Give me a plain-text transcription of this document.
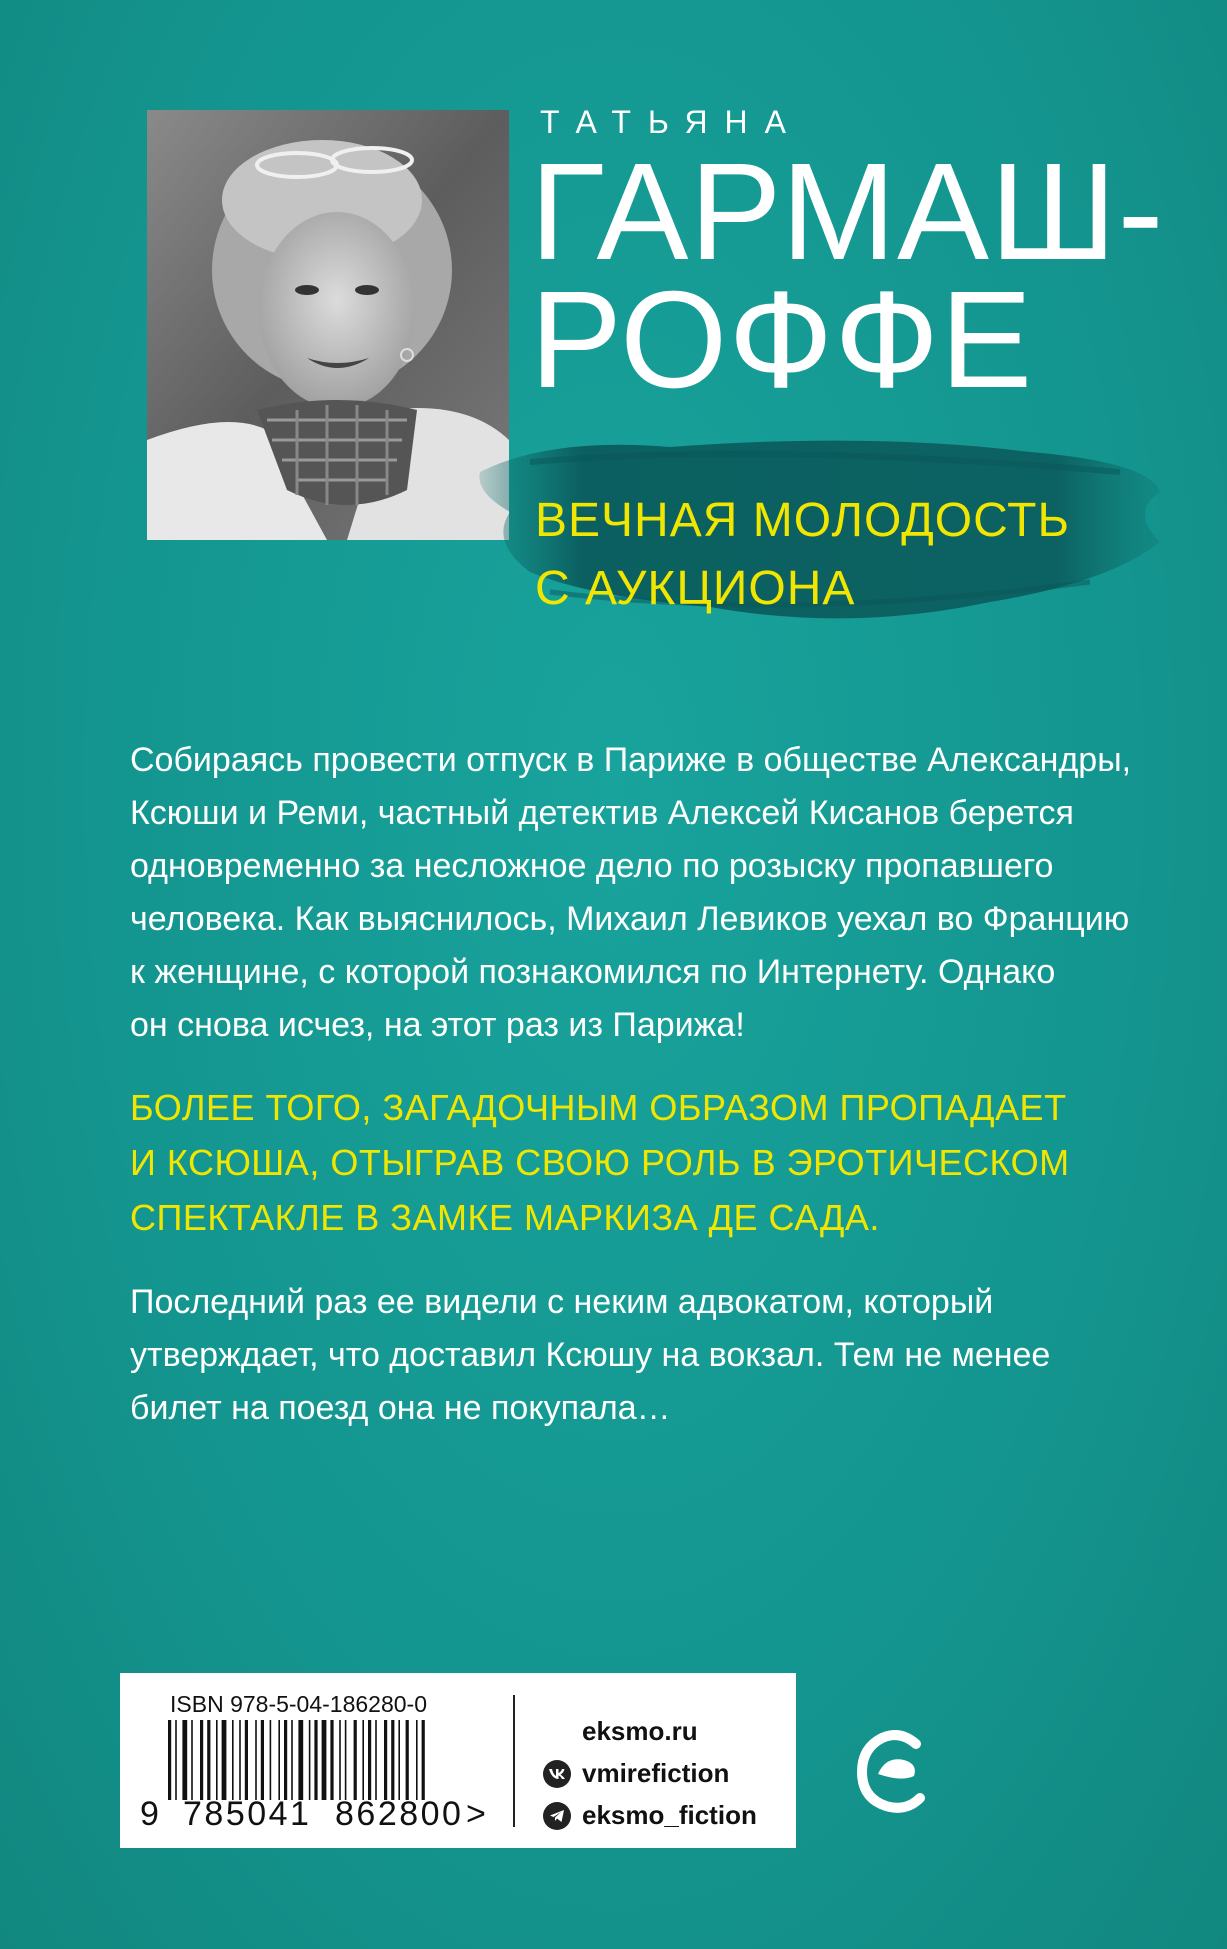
ТАТЬЯНА
ГАРМАШ-
РОФФЕ
ВЕЧНАЯ МОЛОДОСТЬ
С АУКЦИОНА
Собираясь провести отпуск в Париже в обществе Александры,
Ксюши и Реми, частный детектив Алексей Кисанов берется
одновременно за несложное дело по розыску пропавшего
человека. Как выяснилось, Михаил Левиков уехал во Францию
к женщине, с которой познакомился по Интернету. Однако
он снова исчез, на этот раз из Парижа!
БОЛЕЕ ТОГО, ЗАГАДОЧНЫМ ОБРАЗОМ ПРОПАДАЕТ
И КСЮША, ОТЫГРАВ СВОЮ РОЛЬ В ЭРОТИЧЕСКОМ
СПЕКТАКЛЕ В ЗАМКЕ МАРКИЗА ДЕ САДА.
Последний раз ее видели с неким адвокатом, который
утверждает, что доставил Ксюшу на вокзал. Тем не менее
билет на поезд она не покупала…
ISBN 978-5-04-186280-0
9 785041 862800 >
eksmo.ru
vmirefiction
eksmo_fiction
